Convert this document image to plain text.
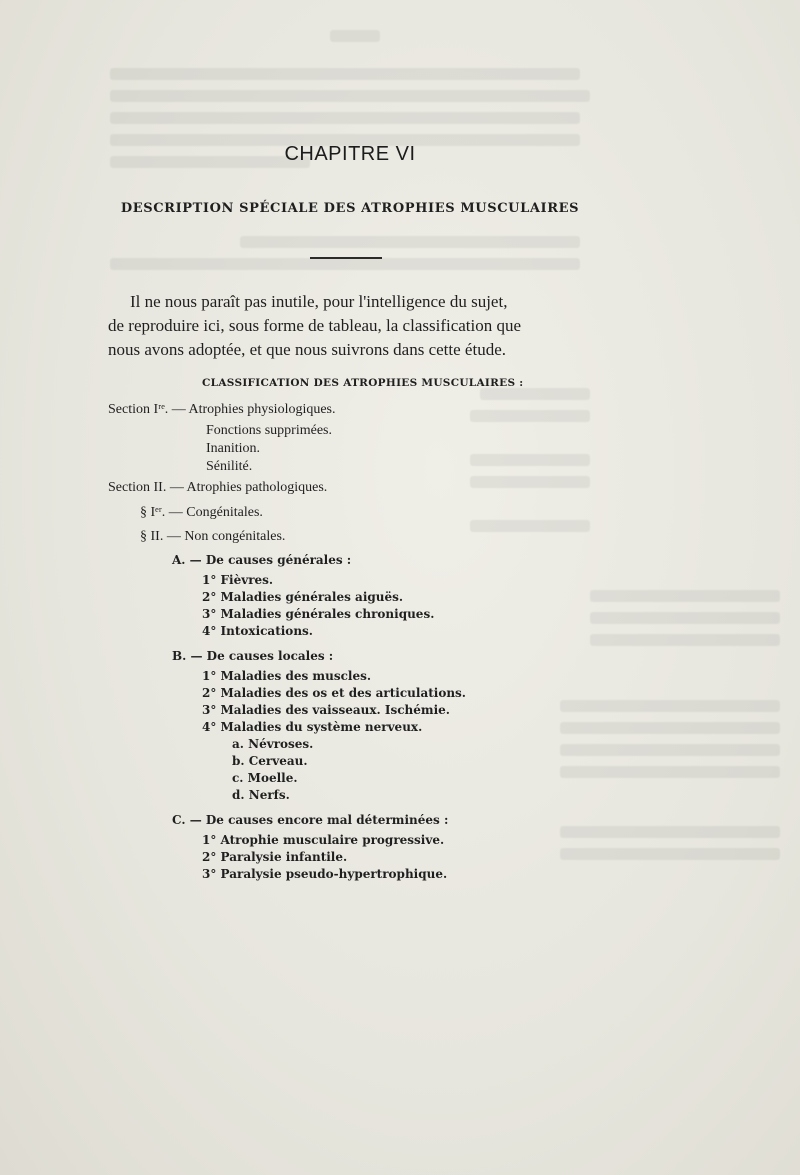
CHAPITRE VI
DESCRIPTION SPÉCIALE DES ATROPHIES MUSCULAIRES
Il ne nous paraît pas inutile, pour l'intelligence du sujet,
de reproduire ici, sous forme de tableau, la classification que
nous avons adoptée, et que nous suivrons dans cette étude.
CLASSIFICATION DES ATROPHIES MUSCULAIRES :
Section Iʳᵉ. — Atrophies physiologiques.
Fonctions supprimées.
Inanition.
Sénilité.
Section II. — Atrophies pathologiques.
§ Iᵉʳ. — Congénitales.
§ II. — Non congénitales.
A. — De causes générales :
1° Fièvres.
2° Maladies générales aiguës.
3° Maladies générales chroniques.
4° Intoxications.
B. — De causes locales :
1° Maladies des muscles.
2° Maladies des os et des articulations.
3° Maladies des vaisseaux. Ischémie.
4° Maladies du système nerveux.
a. Névroses.
b. Cerveau.
c. Moelle.
d. Nerfs.
C. — De causes encore mal déterminées :
1° Atrophie musculaire progressive.
2° Paralysie infantile.
3° Paralysie pseudo-hypertrophique.
